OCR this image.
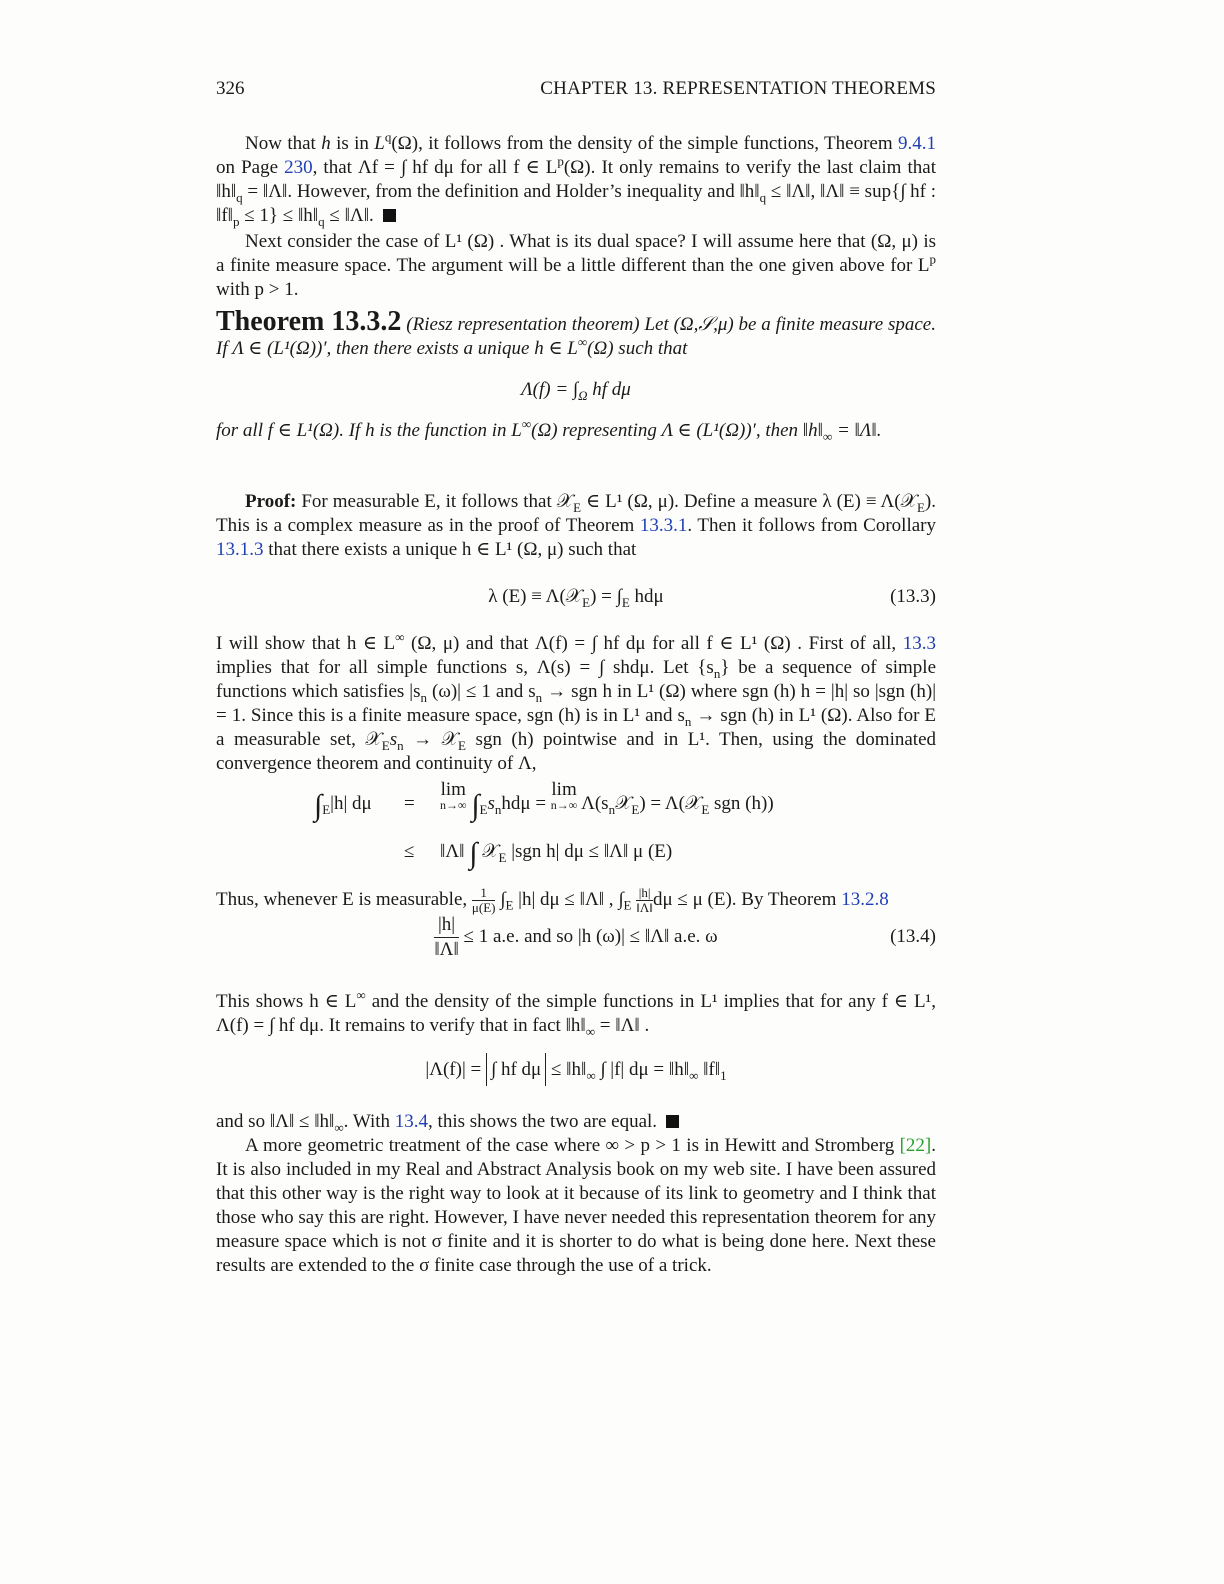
326	CHAPTER 13. REPRESENTATION THEOREMS

Now that h is in $L^q(\Omega)$, it follows from the density of the simple functions, Theorem 9.4.1 on Page 230, that Λf = ∫ hf dμ for all f ∈ $L^p(\Omega)$. It only remains to verify the last claim that $‖h‖_q$ = ‖Λ‖. However, from the definition and Holder’s inequality and $‖h‖_q$ ≤ ‖Λ‖, ‖Λ‖ ≡ sup{∫ hf : $‖f‖_p \le 1$} ≤ $‖h‖_q$ ≤ ‖Λ‖.

Next consider the case of L¹ (Ω) . What is its dual space? I will assume here that (Ω, μ) is a finite measure space. The argument will be a little different than the one given above for $L^p$ with p > 1.

Theorem 13.3.2 (Riesz representation theorem) Let (Ω,𝒮,μ) be a finite measure space. If Λ ∈ (L¹(Ω))′, then there exists a unique h ∈ L∞(Ω) such that

$\Lambda(f) = \int_\Omega$ hf dμ

for all f ∈ L¹(Ω). If h is the function in L∞(Ω) representing Λ ∈ (L¹(Ω))′, then $‖h‖_\infty$ = ‖Λ‖.

Proof: For measurable E, it follows that 𝒳$_E$ ∈ L¹ (Ω, μ). Define a measure λ (E) ≡ Λ(𝒳$_E$). This is a complex measure as in the proof of Theorem 13.3.1. Then it follows from Corollary 13.1.3 that there exists a unique h ∈ L¹ (Ω, μ) such that

λ (E) ≡ Λ(𝒳$_E$) = $\int_E$ hdμ	(13.3)

I will show that h ∈ L∞ (Ω, μ) and that Λ(f) = ∫ hf dμ for all f ∈ L¹ (Ω) . First of all, 13.3 implies that for all simple functions s, Λ(s) = ∫ shdμ. Let $\{s_n\}$ be a sequence of simple functions which satisfies $|s_n$ (ω)| ≤ 1 and $s_n$ → sgn h in L¹ (Ω) where sgn (h) h = |h| so |sgn (h)| = 1. Since this is a finite measure space, sgn (h) is in L¹ and $s_n$ → sgn (h) in L¹ (Ω). Also for E a measurable set, $𝒳_Es_n$ → 𝒳$_E$ sgn (h) pointwise and in L¹. Then, using the dominated convergence theorem and continuity of Λ,

$\int_E|h|$ dμ =
lim
n→∞ $\int_Es_nhd\mu = \lim$
n→∞ $\Lambda(s_n𝒳_E)$ = Λ(𝒳$_E$ sgn (h))
≤ ‖Λ‖ ∫ 𝒳$_E$ |sgn h| dμ ≤ ‖Λ‖ μ (E)

Thus, whenever E is measurable, $\frac{1}{\mu(E)} \int_E$ |h| dμ ≤ ‖Λ‖ , $\int_E \frac{|h|}{‖\Lambda‖}$ dμ ≤ μ (E). By Theorem 13.2.8

$\frac{|h|}{‖\Lambda‖} \le 1$ a.e. and so |h (ω)| ≤ ‖Λ‖ a.e. ω	(13.4)

This shows h ∈ L∞ and the density of the simple functions in L¹ implies that for any f ∈ L¹, Λ(f) = ∫ hf dμ. It remains to verify that in fact $‖h‖_\infty$ = ‖Λ‖ .

|Λ(f)| = ∫ hf $d\mu \le ‖h‖_\infty$ ∫ |f| $d\mu = ‖h‖_\infty$ $‖f‖_1$

and so ‖Λ‖ ≤ $‖h‖_\infty$. With 13.4, this shows the two are equal.

A more geometric treatment of the case where ∞ > p > 1 is in Hewitt and Stromberg [22]. It is also included in my Real and Abstract Analysis book on my web site. I have been assured that this other way is the right way to look at it because of its link to geometry and I think that those who say this are right. However, I have never needed this representation theorem for any measure space which is not σ finite and it is shorter to do what is being done here. Next these results are extended to the σ finite case through the use of a trick.
